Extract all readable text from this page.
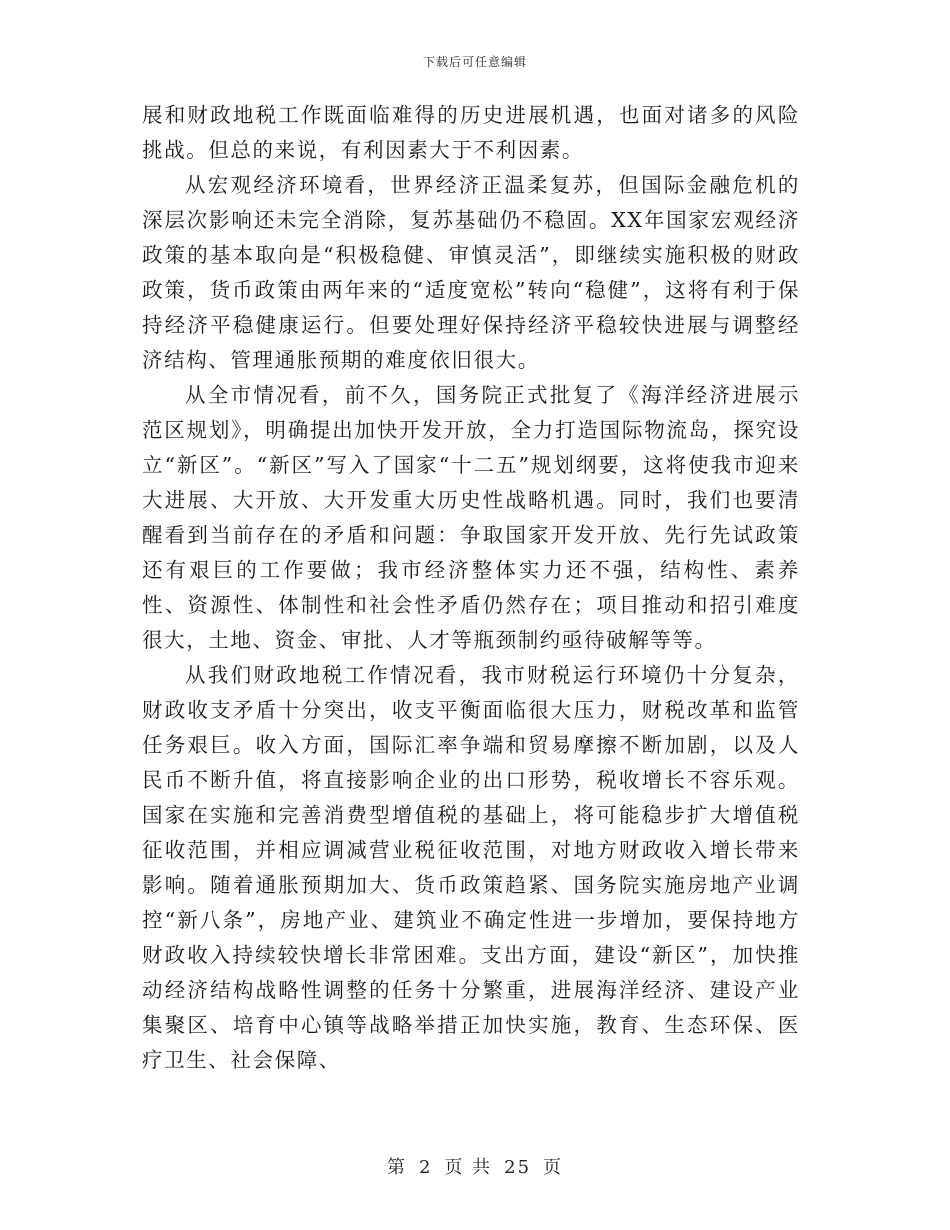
下载后可任意编辑

展和财政地税工作既面临难得的历史进展机遇，也面对诸多的风险挑战。但总的来说，有利因素大于不利因素。

从宏观经济环境看，世界经济正温柔复苏，但国际金融危机的深层次影响还未完全消除，复苏基础仍不稳固。XX年国家宏观经济政策的基本取向是“积极稳健、审慎灵活”，即继续实施积极的财政政策，货币政策由两年来的“适度宽松”转向“稳健”，这将有利于保持经济平稳健康运行。但要处理好保持经济平稳较快进展与调整经济结构、管理通胀预期的难度依旧很大。

从全市情况看，前不久，国务院正式批复了《海洋经济进展示范区规划》，明确提出加快开发开放，全力打造国际物流岛，探究设立“新区”。“新区”写入了国家“十二五”规划纲要，这将使我市迎来大进展、大开放、大开发重大历史性战略机遇。同时，我们也要清醒看到当前存在的矛盾和问题：争取国家开发开放、先行先试政策还有艰巨的工作要做；我市经济整体实力还不强，结构性、素养性、资源性、体制性和社会性矛盾仍然存在；项目推动和招引难度很大，土地、资金、审批、人才等瓶颈制约亟待破解等等。

从我们财政地税工作情况看，我市财税运行环境仍十分复杂，财政收支矛盾十分突出，收支平衡面临很大压力，财税改革和监管任务艰巨。收入方面，国际汇率争端和贸易摩擦不断加剧，以及人民币不断升值，将直接影响企业的出口形势，税收增长不容乐观。国家在实施和完善消费型增值税的基础上，将可能稳步扩大增值税征收范围，并相应调减营业税征收范围，对地方财政收入增长带来影响。随着通胀预期加大、货币政策趋紧、国务院实施房地产业调控“新八条”，房地产业、建筑业不确定性进一步增加，要保持地方财政收入持续较快增长非常困难。支出方面，建设“新区”，加快推动经济结构战略性调整的任务十分繁重，进展海洋经济、建设产业集聚区、培育中心镇等战略举措正加快实施，教育、生态环保、医疗卫生、社会保障、

第 2 页 共 25 页
